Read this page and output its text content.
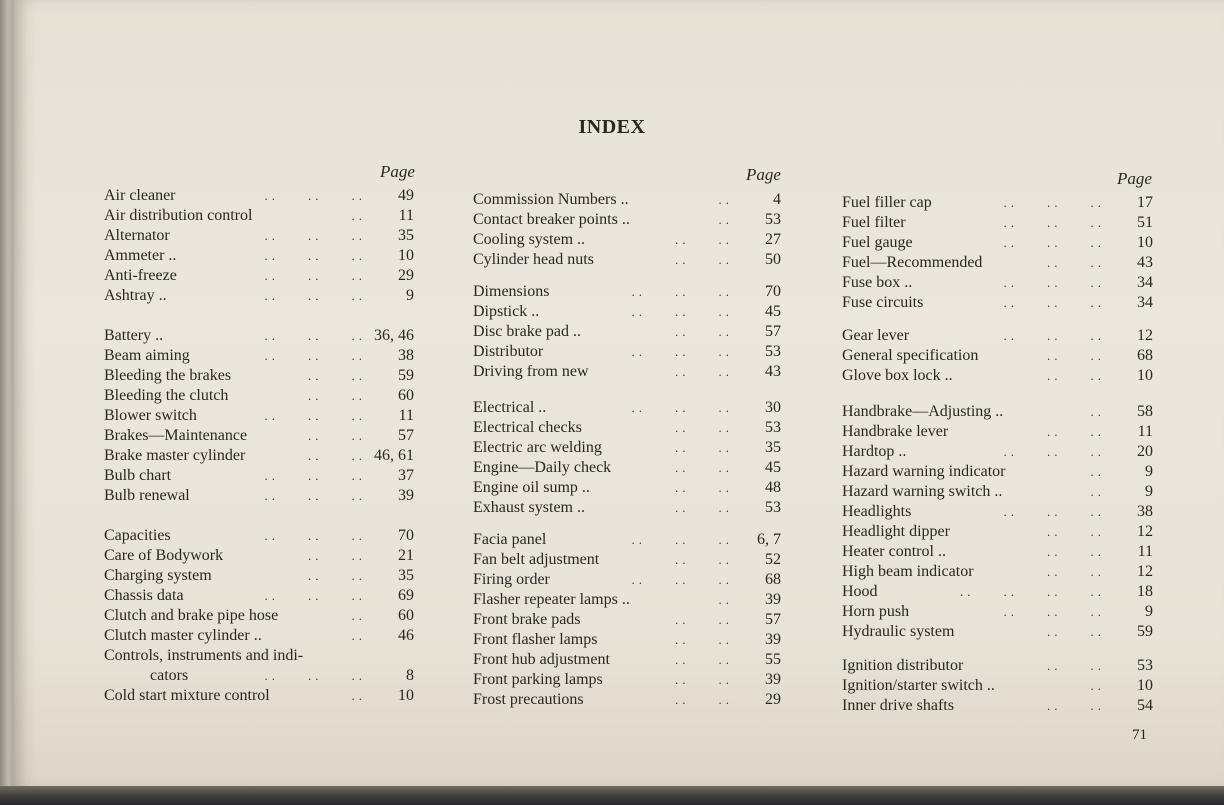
INDEX
Page	Page	Page
Air cleaner	..    ..    .. 49
Air distribution control	.. 11
Alternator	..    ..    .. 35
Ammeter ..	..    ..    .. 10
Anti-freeze	..    ..    .. 29
Ashtray ..	..    ..    ..	9
Battery ..	..    ..    .. 36, 46
Beam aiming	..    ..    .. 38
Bleeding the brakes	..    .. 59
Bleeding the clutch	..    .. 60
Blower switch	..    ..    .. 11
Brakes—Maintenance	..    .. 57
Brake master cylinder	..    .. 46, 61
Bulb chart	..    ..    .. 37
Bulb renewal	..    ..    .. 39
Capacities	..    ..    .. 70
Care of Bodywork	..    .. 21
Charging system	..    .. 35
Chassis data	..    ..    .. 69
Clutch and brake pipe hose	.. 60
Clutch master cylinder ..	.. 46
Controls, instruments and indi-
cators	..    ..    ..	8
Cold start mixture control	.. 10
Commission Numbers ..	..	4
Contact breaker points ..	.. 53
Cooling system ..	..    .. 27
Cylinder head nuts	..    .. 50
Dimensions	..    ..    .. 70
Dipstick ..	..    ..    .. 45
Disc brake pad ..	..    .. 57
Distributor	..    ..    .. 53
Driving from new	..    .. 43
Electrical ..	..    ..    .. 30
Electrical checks	..    .. 53
Electric arc welding	..    .. 35
Engine—Daily check	..    .. 45
Engine oil sump ..	..    .. 48
Exhaust system ..	..    .. 53
Facia panel	..    ..    .. 6, 7
Fan belt adjustment	..    .. 52
Firing order	..    ..    .. 68
Flasher repeater lamps ..	.. 39
Front brake pads	..    .. 57
Front flasher lamps	..    .. 39
Front hub adjustment	..    .. 55
Front parking lamps	..    .. 39
Frost precautions	..    .. 29
Fuel filler cap	..    ..    .. 17
Fuel filter	..    ..    .. 51
Fuel gauge	..    ..    .. 10
Fuel—Recommended	..    .. 43
Fuse box ..	..    ..    .. 34
Fuse circuits	..    ..    .. 34
Gear lever	..    ..    .. 12
General specification	..    .. 68
Glove box lock ..	..    .. 10
Handbrake—Adjusting ..	.. 58
Handbrake lever	..    .. 11
Hardtop ..	..    ..    .. 20
Hazard warning indicator	..	9
Hazard warning switch ..	..	9
Headlights	..    ..    .. 38
Headlight dipper	..    .. 12
Heater control ..	..    .. 11
High beam indicator	..    .. 12
Hood	..    ..    ..    .. 18
Horn push	..    ..    ..	9
Hydraulic system	..    .. 59
Ignition distributor	..    .. 53
Ignition/starter switch ..	.. 10
Inner drive shafts	..    .. 54
71
